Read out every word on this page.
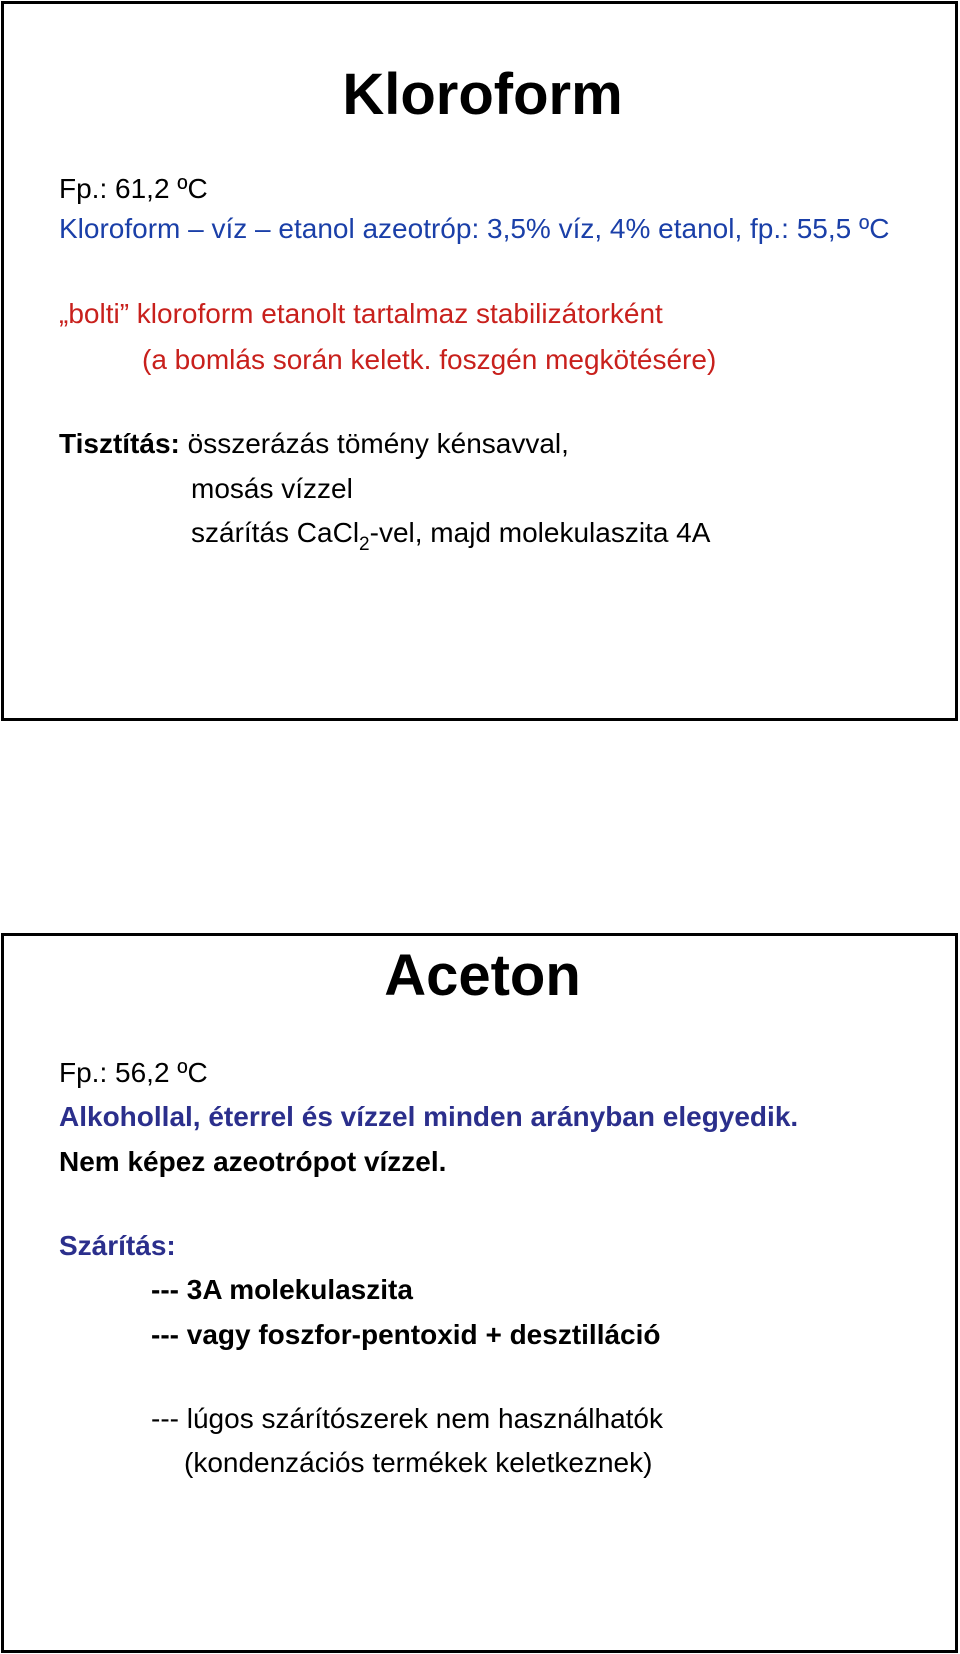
Kloroform
Fp.: 61,2 ºC
Kloroform – víz – etanol azeotróp: 3,5% víz, 4% etanol, fp.: 55,5 ºC
„bolti” kloroform etanolt tartalmaz stabilizátorként
(a bomlás során keletk. foszgén megkötésére)
Tisztítás: összerázás tömény kénsavval,
mosás vízzel
szárítás CaCl$_2$-vel, majd molekulaszita 4A
Aceton
Fp.: 56,2 ºC
Alkohollal, éterrel és vízzel minden arányban elegyedik.
Nem képez azeotrópot vízzel.
Szárítás:
--- 3A molekulaszita
--- vagy foszfor-pentoxid + desztilláció
--- lúgos szárítószerek nem használhatók
(kondenzációs termékek keletkeznek)
